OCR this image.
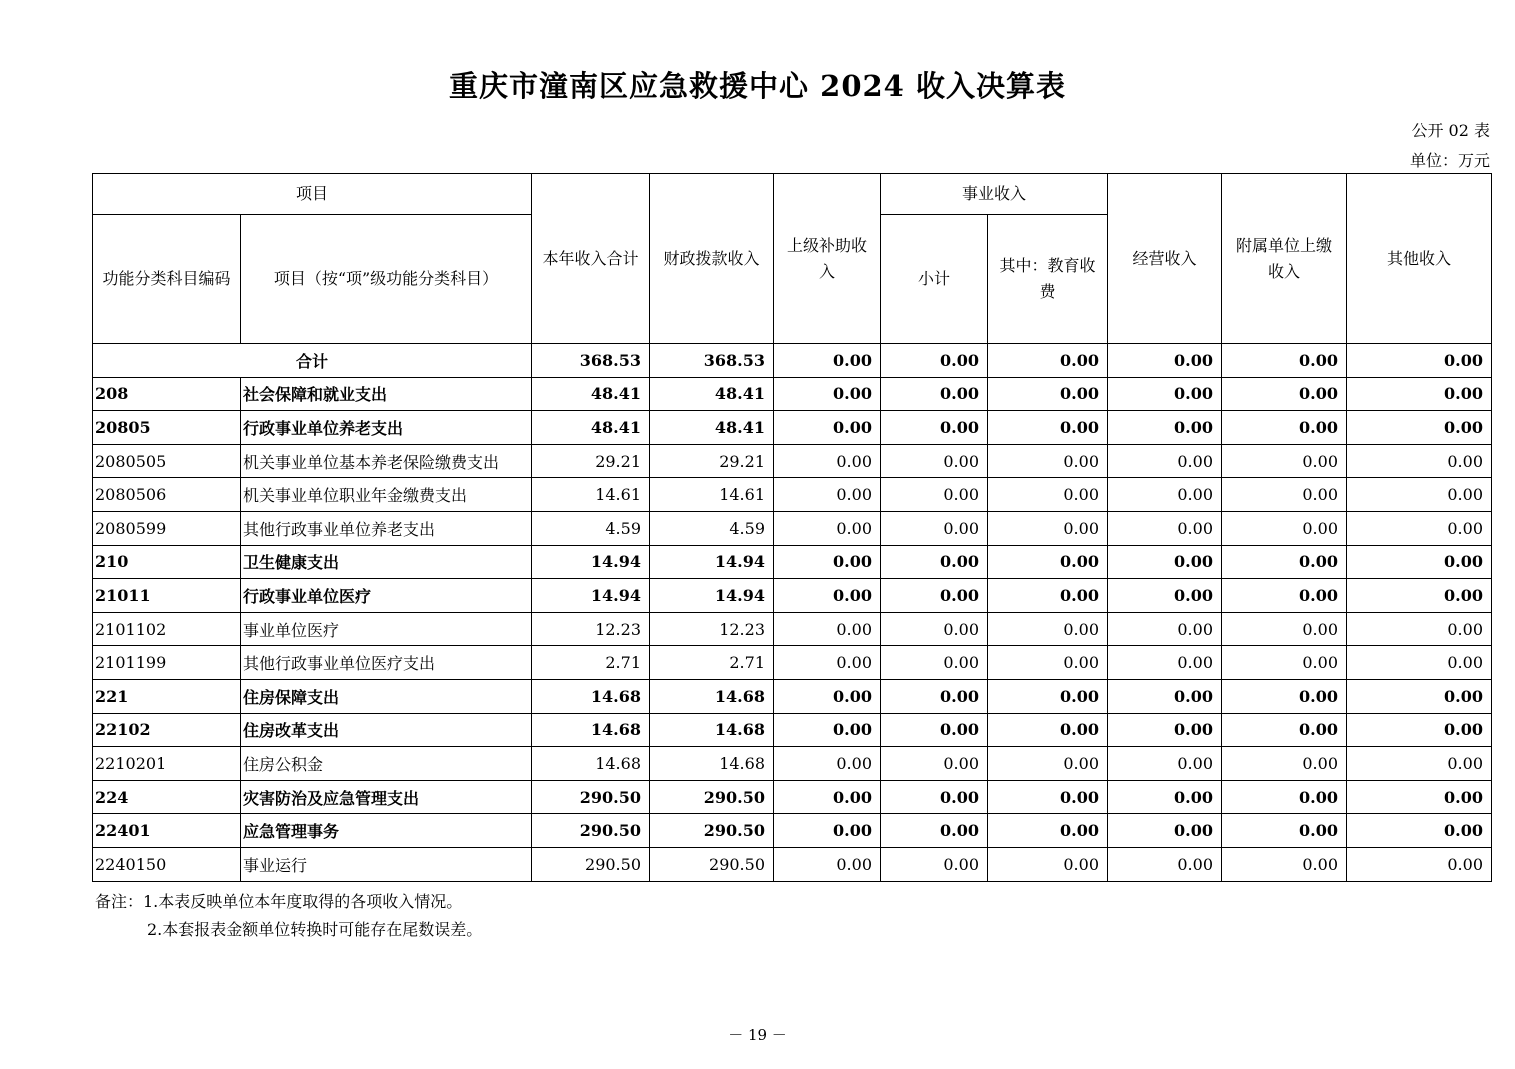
重庆市潼南区应急救援中心 2024 收入决算表
公开 02 表
单位：万元
项目		本年收入合计	财政拨款收入	上级补助收入	事业收入		经营收入	附属单位上缴收入	其他收入
功能分类科目编码	项目（按“项”级功能分类科目）				小计	其中：教育收费			
合计		368.53	368.53	0.00	0.00	0.00	0.00	0.00	0.00
208	社会保障和就业支出	48.41	48.41	0.00	0.00	0.00	0.00	0.00	0.00
20805	行政事业单位养老支出	48.41	48.41	0.00	0.00	0.00	0.00	0.00	0.00
2080505	机关事业单位基本养老保险缴费支出	29.21	29.21	0.00	0.00	0.00	0.00	0.00	0.00
2080506	机关事业单位职业年金缴费支出	14.61	14.61	0.00	0.00	0.00	0.00	0.00	0.00
2080599	其他行政事业单位养老支出	4.59	4.59	0.00	0.00	0.00	0.00	0.00	0.00
210	卫生健康支出	14.94	14.94	0.00	0.00	0.00	0.00	0.00	0.00
21011	行政事业单位医疗	14.94	14.94	0.00	0.00	0.00	0.00	0.00	0.00
2101102	事业单位医疗	12.23	12.23	0.00	0.00	0.00	0.00	0.00	0.00
2101199	其他行政事业单位医疗支出	2.71	2.71	0.00	0.00	0.00	0.00	0.00	0.00
221	住房保障支出	14.68	14.68	0.00	0.00	0.00	0.00	0.00	0.00
22102	住房改革支出	14.68	14.68	0.00	0.00	0.00	0.00	0.00	0.00
2210201	住房公积金	14.68	14.68	0.00	0.00	0.00	0.00	0.00	0.00
224	灾害防治及应急管理支出	290.50	290.50	0.00	0.00	0.00	0.00	0.00	0.00
22401	应急管理事务	290.50	290.50	0.00	0.00	0.00	0.00	0.00	0.00
2240150	事业运行	290.50	290.50	0.00	0.00	0.00	0.00	0.00	0.00
备注：1.本表反映单位本年度取得的各项收入情况。
2.本套报表金额单位转换时可能存在尾数误差。
－ 19 －
